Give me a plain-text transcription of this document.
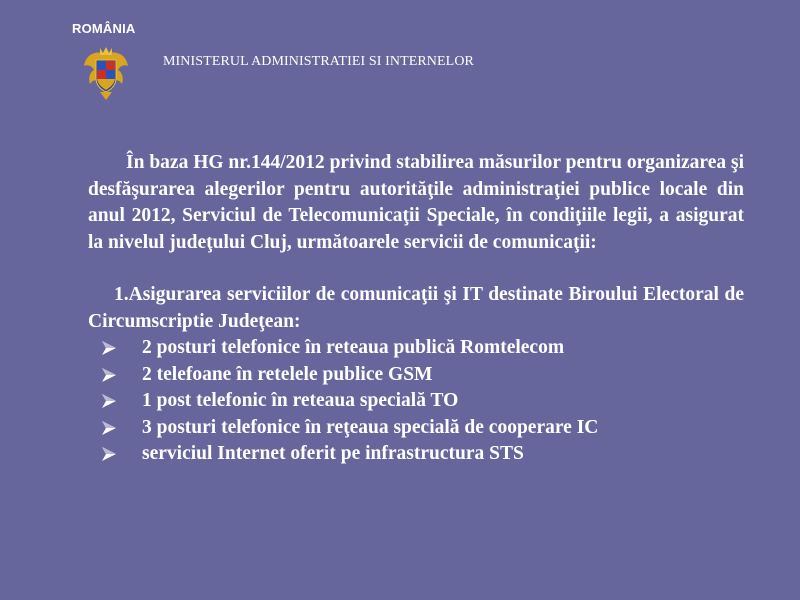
ROMÂNIA
MINISTERUL ADMINISTRATIEI SI INTERNELOR

În baza HG nr.144/2012 privind stabilirea măsurilor pentru organizarea şi desfăşurarea alegerilor pentru autorităţile administraţiei publice locale din anul 2012, Serviciul de Telecomunicaţii Speciale, în condiţiile legii, a asigurat la nivelul judeţului Cluj, următoarele servicii de comunicaţii:

1.Asigurarea serviciilor de comunicaţii şi IT destinate Biroului Electoral de Circumscriptie Judeţean:

2 posturi telefonice în reteaua publică Romtelecom
2 telefoane în retelele publice GSM
1 post telefonic în reteaua specială TO
3 posturi telefonice în reţeaua specială de cooperare IC
serviciul Internet oferit pe infrastructura STS
